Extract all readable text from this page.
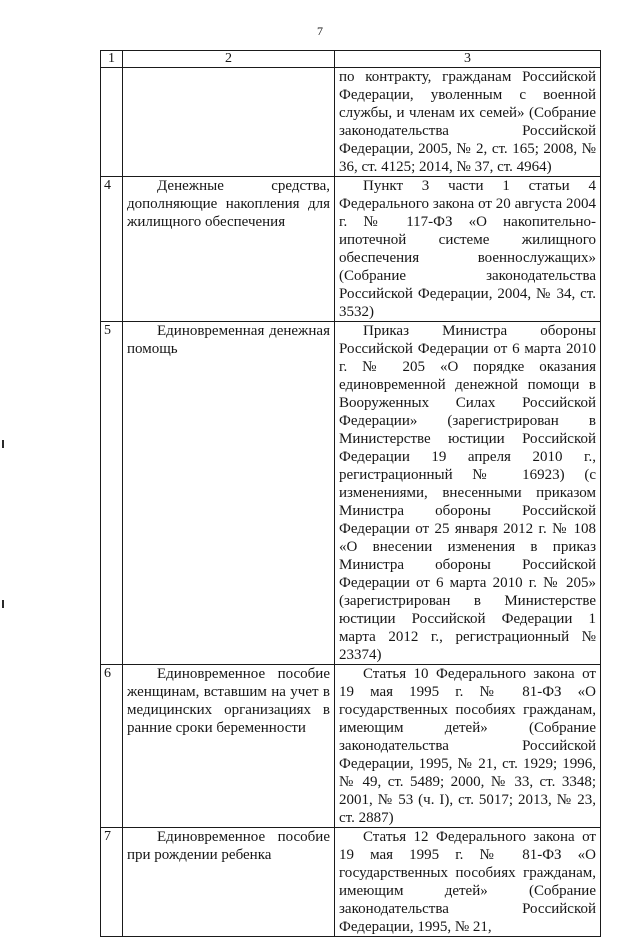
7
1	2	3
		по контракту, гражданам Российской Федерации, уволенным с военной службы, и членам их семей» (Собрание законодательства Российской Федерации, 2005, № 2, ст. 165; 2008, № 36, ст. 4125; 2014, № 37, ст. 4964)
4	Денежные средства, дополняющие накопления для жилищного обеспечения	Пункт 3 части 1 статьи 4 Федерального закона от 20 августа 2004 г. № 117-ФЗ «О накопительно-ипотечной системе жилищного обеспечения военнослужащих» (Собрание законодательства Российской Федерации, 2004, № 34, ст. 3532)
5	Единовременная денежная помощь	Приказ Министра обороны Российской Федерации от 6 марта 2010 г. № 205 «О порядке оказания единовременной денежной помощи в Вооруженных Силах Российской Федерации» (зарегистрирован в Министерстве юстиции Российской Федерации 19 апреля 2010 г., регистрационный № 16923) (с изменениями, внесенными приказом Министра обороны Российской Федерации от 25 января 2012 г. № 108 «О внесении изменения в приказ Министра обороны Российской Федерации от 6 марта 2010 г. № 205» (зарегистрирован в Министерстве юстиции Российской Федерации 1 марта 2012 г., регистрационный № 23374)
6	Единовременное пособие женщинам, вставшим на учет в медицинских организациях в ранние сроки беременности	Статья 10 Федерального закона от 19 мая 1995 г. № 81-ФЗ «О государственных пособиях гражданам, имеющим детей» (Собрание законодательства Российской Федерации, 1995, № 21, ст. 1929; 1996, № 49, ст. 5489; 2000, № 33, ст. 3348; 2001, № 53 (ч. I), ст. 5017; 2013, № 23, ст. 2887)
7	Единовременное пособие при рождении ребенка	Статья 12 Федерального закона от 19 мая 1995 г. № 81-ФЗ «О государственных пособиях гражданам, имеющим детей» (Собрание законодательства Российской Федерации, 1995, № 21,
